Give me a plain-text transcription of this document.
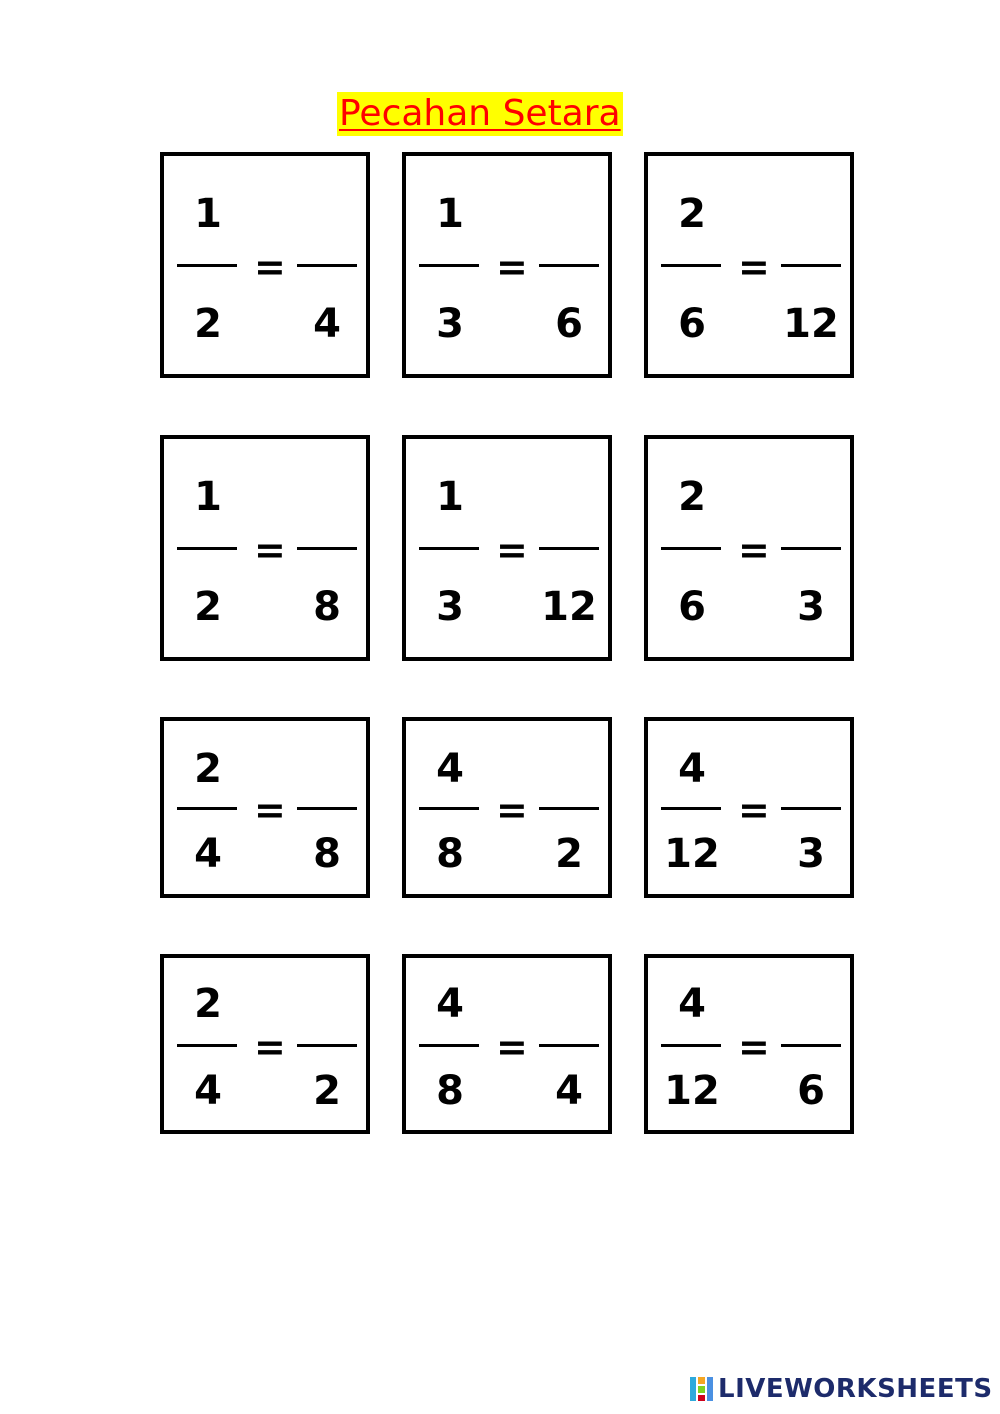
Pecahan Setara
1
=
2	4
1
=
3	6
2
=
6	12
1
=
2	8
1
=
3	12
2
=
6	3
2
=
4	8
4
=
8	2
4
=
12	3
2
=
4	2
4
=
8	4
4
=
12	6
LIVEWORKSHEETS
